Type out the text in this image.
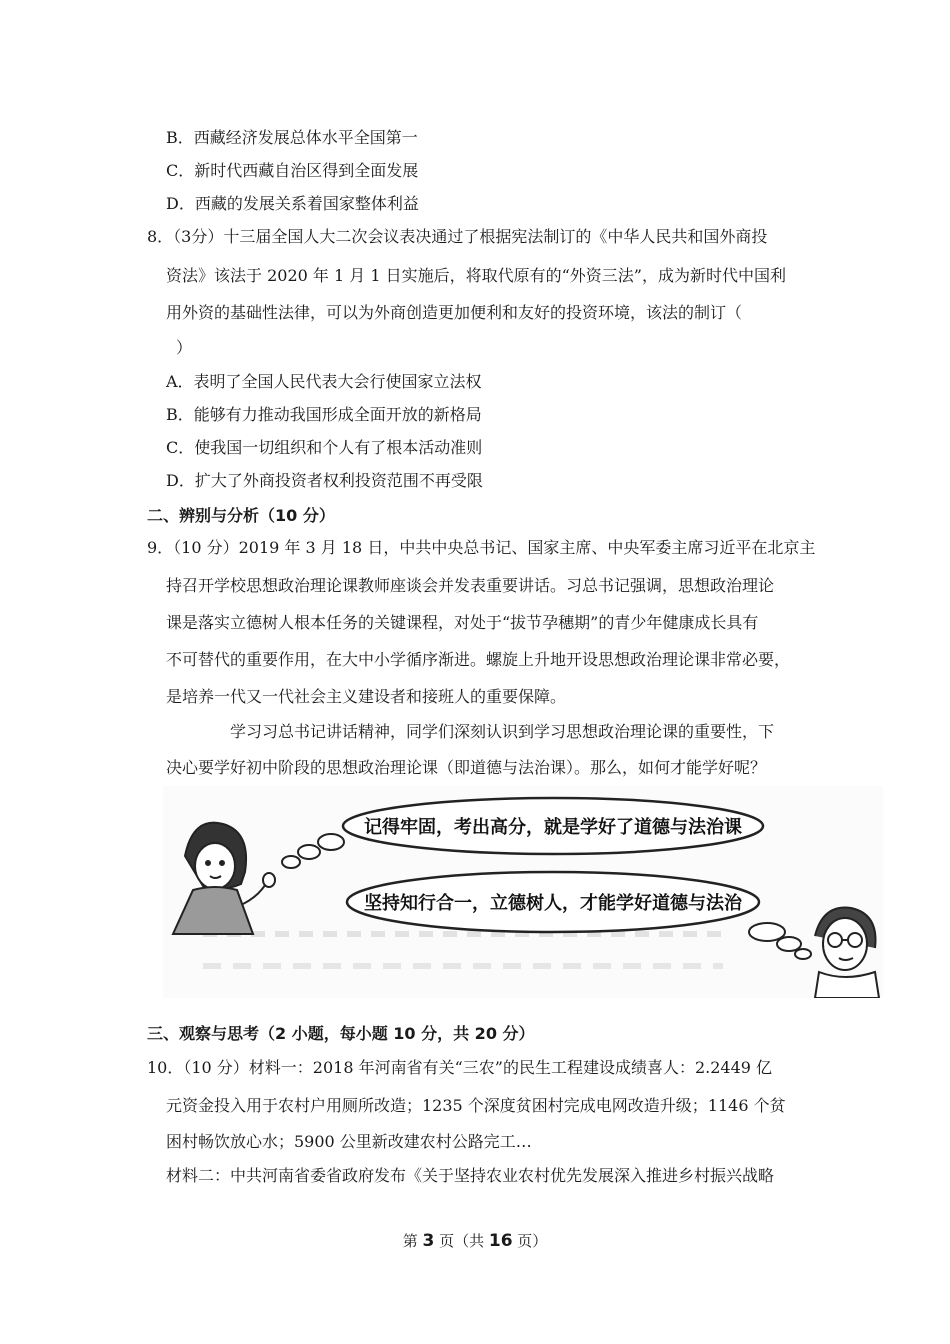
B．西藏经济发展总体水平全国第一
C．新时代西藏自治区得到全面发展
D．西藏的发展关系着国家整体利益
8．（3分）十三届全国人大二次会议表决通过了根据宪法制订的《中华人民共和国外商投
资法》该法于 2020 年 1 月 1 日实施后，将取代原有的“外资三法”，成为新时代中国利
用外资的基础性法律，可以为外商创造更加便利和友好的投资环境，该法的制订（
）
A．表明了全国人民代表大会行使国家立法权
B．能够有力推动我国形成全面开放的新格局
C．使我国一切组织和个人有了根本活动准则
D．扩大了外商投资者权利投资范围不再受限
二、辨别与分析（10 分）
9．（10 分）2019 年 3 月 18 日，中共中央总书记、国家主席、中央军委主席习近平在北京主
持召开学校思想政治理论课教师座谈会并发表重要讲话。习总书记强调，思想政治理论
课是落实立德树人根本任务的关键课程，对处于“拔节孕穗期”的青少年健康成长具有
不可替代的重要作用，在大中小学循序渐进。螺旋上升地开设思想政治理论课非常必要，
是培养一代又一代社会主义建设者和接班人的重要保障。
学习习总书记讲话精神，同学们深刻认识到学习思想政治理论课的重要性，下
决心要学好初中阶段的思想政治理论课（即道德与法治课）。那么，如何才能学好呢？
记得牢固，考出高分，就是学好了道德与法治课
坚持知行合一，立德树人，才能学好道德与法治
三、观察与思考（2 小题，每小题 10 分，共 20 分）
10．（10 分）材料一：2018 年河南省有关“三农”的民生工程建设成绩喜人：2.2449 亿
元资金投入用于农村户用厕所改造；1235 个深度贫困村完成电网改造升级；1146 个贫
困村畅饮放心水；5900 公里新改建农村公路完工…
材料二：中共河南省委省政府发布《关于坚持农业农村优先发展深入推进乡村振兴战略
第 3 页（共 16 页）
